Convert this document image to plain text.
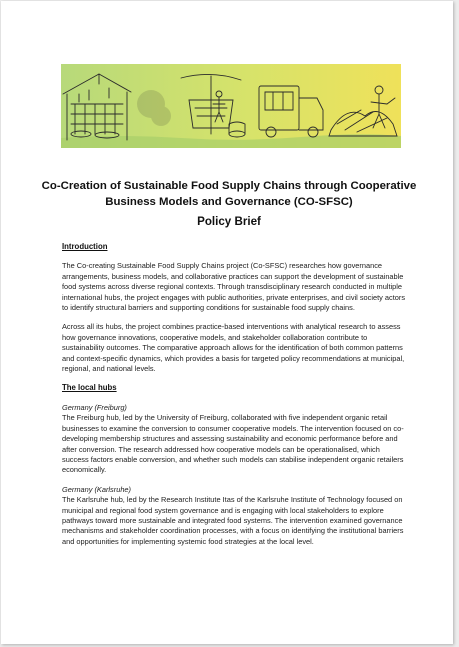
Co-Creation of Sustainable Food Supply Chains through Cooperative Business Models and Governance (CO-SFSC)

Policy Brief

Introduction

The Co-creating Sustainable Food Supply Chains project (Co-SFSC) researches how governance arrangements, business models, and collaborative practices can support the development of sustainable food systems across diverse regional contexts. Through transdisciplinary research conducted in multiple international hubs, the project engages with public authorities, private enterprises, and civil society actors to identify structural barriers and supporting conditions for sustainable food supply chains.

Across all its hubs, the project combines practice-based interventions with analytical research to assess how governance innovations, cooperative models, and stakeholder collaboration contribute to sustainability outcomes. The comparative approach allows for the identification of both common patterns and context-specific dynamics, which provides a basis for targeted policy recommendations at municipal, regional, and national levels.

The local hubs

Germany (Freiburg)

The Freiburg hub, led by the University of Freiburg, collaborated with five independent organic retail businesses to examine the conversion to consumer cooperative models. The intervention focused on co-developing membership structures and assessing sustainability and economic performance before and after conversion. The research addressed how cooperative models can be operationalised, which success factors enable conversion, and whether such models can stabilise independent organic retailers economically.

Germany (Karlsruhe)

The Karlsruhe hub, led by the Research Institute Itas of the Karlsruhe Institute of Technology focused on municipal and regional food system governance and is engaging with local stakeholders to explore pathways toward more sustainable and integrated food systems. The intervention examined governance mechanisms and stakeholder coordination processes, with a focus on identifying the institutional barriers and opportunities for implementing systemic food strategies at the local level.
